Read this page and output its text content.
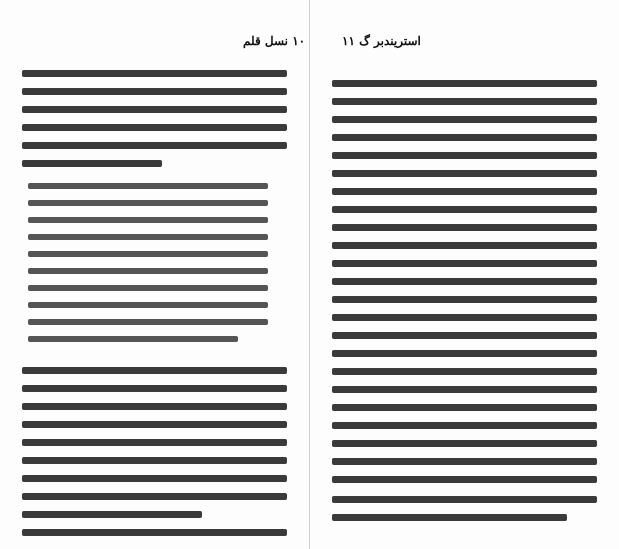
۱۰ نسل قلم	استریندبر گ ۱۱
